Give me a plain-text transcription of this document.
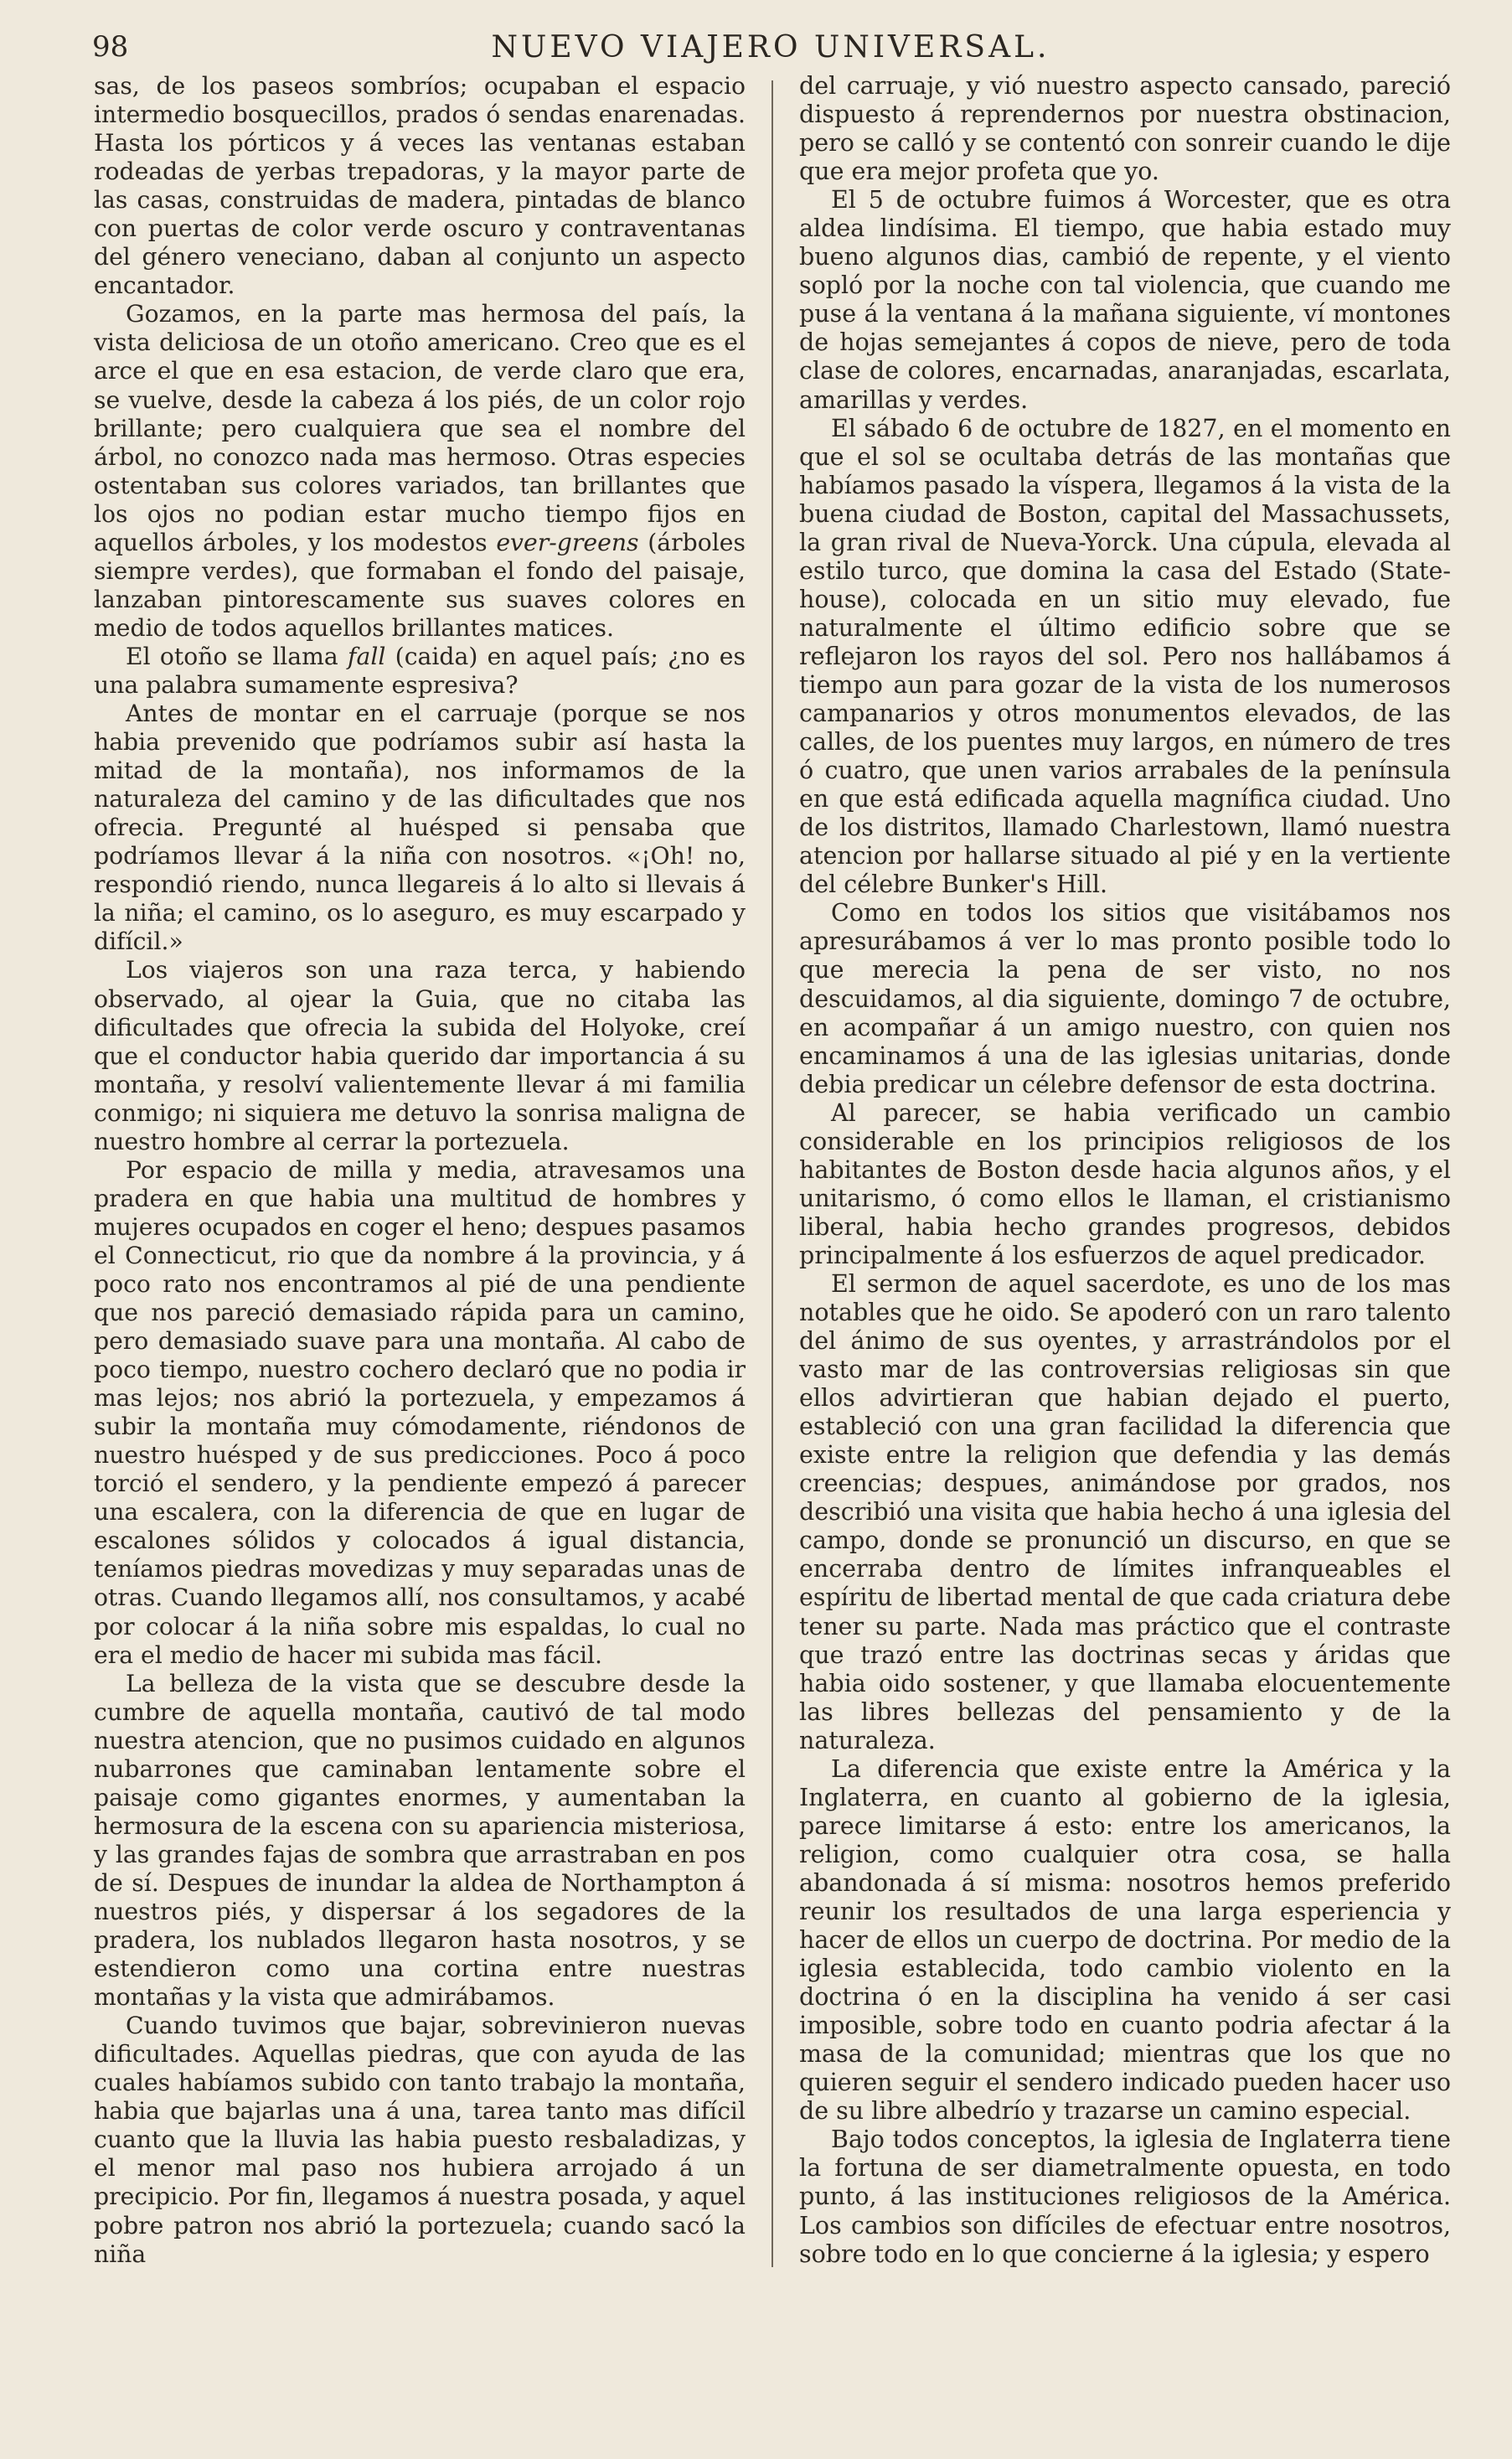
98	NUEVO VIAJERO UNIVERSAL.

sas, de los paseos sombríos; ocupaban el espacio intermedio bosquecillos, prados ó sendas enarenadas. Hasta los pórticos y á veces las ventanas estaban rodeadas de yerbas trepadoras, y la mayor parte de las casas, construidas de madera, pintadas de blanco con puertas de color verde oscuro y contraventanas del género veneciano, daban al conjunto un aspecto encantador.

Gozamos, en la parte mas hermosa del país, la vista deliciosa de un otoño americano. Creo que es el arce el que en esa estacion, de verde claro que era, se vuelve, desde la cabeza á los piés, de un color rojo brillante; pero cualquiera que sea el nombre del árbol, no conozco nada mas hermoso. Otras especies ostentaban sus colores variados, tan brillantes que los ojos no podian estar mucho tiempo fijos en aquellos árboles, y los modestos ever-greens (árboles siempre verdes), que formaban el fondo del paisaje, lanzaban pintorescamente sus suaves colores en medio de todos aquellos brillantes matices.

El otoño se llama fall (caida) en aquel país; ¿no es una palabra sumamente espresiva?

Antes de montar en el carruaje (porque se nos habia prevenido que podríamos subir así hasta la mitad de la montaña), nos informamos de la naturaleza del camino y de las dificultades que nos ofrecia. Pregunté al huésped si pensaba que podríamos llevar á la niña con nosotros. «¡Oh! no, respondió riendo, nunca llegareis á lo alto si llevais á la niña; el camino, os lo aseguro, es muy escarpado y difícil.»

Los viajeros son una raza terca, y habiendo observado, al ojear la Guia, que no citaba las dificultades que ofrecia la subida del Holyoke, creí que el conductor habia querido dar importancia á su montaña, y resolví valientemente llevar á mi familia conmigo; ni siquiera me detuvo la sonrisa maligna de nuestro hombre al cerrar la portezuela.

Por espacio de milla y media, atravesamos una pradera en que habia una multitud de hombres y mujeres ocupados en coger el heno; despues pasamos el Connecticut, rio que da nombre á la provincia, y á poco rato nos encontramos al pié de una pendiente que nos pareció demasiado rápida para un camino, pero demasiado suave para una montaña. Al cabo de poco tiempo, nuestro cochero declaró que no podia ir mas lejos; nos abrió la portezuela, y empezamos á subir la montaña muy cómodamente, riéndonos de nuestro huésped y de sus predicciones. Poco á poco torció el sendero, y la pendiente empezó á parecer una escalera, con la diferencia de que en lugar de escalones sólidos y colocados á igual distancia, teníamos piedras movedizas y muy separadas unas de otras. Cuando llegamos allí, nos consultamos, y acabé por colocar á la niña sobre mis espaldas, lo cual no era el medio de hacer mi subida mas fácil.

La belleza de la vista que se descubre desde la cumbre de aquella montaña, cautivó de tal modo nuestra atencion, que no pusimos cuidado en algunos nubarrones que caminaban lentamente sobre el paisaje como gigantes enormes, y aumentaban la hermosura de la escena con su apariencia misteriosa, y las grandes fajas de sombra que arrastraban en pos de sí. Despues de inundar la aldea de Northampton á nuestros piés, y dispersar á los segadores de la pradera, los nublados llegaron hasta nosotros, y se estendieron como una cortina entre nuestras montañas y la vista que admirábamos.

Cuando tuvimos que bajar, sobrevinieron nuevas dificultades. Aquellas piedras, que con ayuda de las cuales habíamos subido con tanto trabajo la montaña, habia que bajarlas una á una, tarea tanto mas difícil cuanto que la lluvia las habia puesto resbaladizas, y el menor mal paso nos hubiera arrojado á un precipicio. Por fin, llegamos á nuestra posada, y aquel pobre patron nos abrió la portezuela; cuando sacó la niña

del carruaje, y vió nuestro aspecto cansado, pareció dispuesto á reprendernos por nuestra obstinacion, pero se calló y se contentó con sonreir cuando le dije que era mejor profeta que yo.

El 5 de octubre fuimos á Worcester, que es otra aldea lindísima. El tiempo, que habia estado muy bueno algunos dias, cambió de repente, y el viento sopló por la noche con tal violencia, que cuando me puse á la ventana á la mañana siguiente, ví montones de hojas semejantes á copos de nieve, pero de toda clase de colores, encarnadas, anaranjadas, escarlata, amarillas y verdes.

El sábado 6 de octubre de 1827, en el momento en que el sol se ocultaba detrás de las montañas que habíamos pasado la víspera, llegamos á la vista de la buena ciudad de Boston, capital del Massachussets, la gran rival de Nueva-Yorck. Una cúpula, elevada al estilo turco, que domina la casa del Estado (State-house), colocada en un sitio muy elevado, fue naturalmente el último edificio sobre que se reflejaron los rayos del sol. Pero nos hallábamos á tiempo aun para gozar de la vista de los numerosos campanarios y otros monumentos elevados, de las calles, de los puentes muy largos, en número de tres ó cuatro, que unen varios arrabales de la península en que está edificada aquella magnífica ciudad. Uno de los distritos, llamado Charlestown, llamó nuestra atencion por hallarse situado al pié y en la vertiente del célebre Bunker's Hill.

Como en todos los sitios que visitábamos nos apresurábamos á ver lo mas pronto posible todo lo que merecia la pena de ser visto, no nos descuidamos, al dia siguiente, domingo 7 de octubre, en acompañar á un amigo nuestro, con quien nos encaminamos á una de las iglesias unitarias, donde debia predicar un célebre defensor de esta doctrina.

Al parecer, se habia verificado un cambio considerable en los principios religiosos de los habitantes de Boston desde hacia algunos años, y el unitarismo, ó como ellos le llaman, el cristianismo liberal, habia hecho grandes progresos, debidos principalmente á los esfuerzos de aquel predicador.

El sermon de aquel sacerdote, es uno de los mas notables que he oido. Se apoderó con un raro talento del ánimo de sus oyentes, y arrastrándolos por el vasto mar de las controversias religiosas sin que ellos advirtieran que habian dejado el puerto, estableció con una gran facilidad la diferencia que existe entre la religion que defendia y las demás creencias; despues, animándose por grados, nos describió una visita que habia hecho á una iglesia del campo, donde se pronunció un discurso, en que se encerraba dentro de límites infranqueables el espíritu de libertad mental de que cada criatura debe tener su parte. Nada mas práctico que el contraste que trazó entre las doctrinas secas y áridas que habia oido sostener, y que llamaba elocuentemente las libres bellezas del pensamiento y de la naturaleza.

La diferencia que existe entre la América y la Inglaterra, en cuanto al gobierno de la iglesia, parece limitarse á esto: entre los americanos, la religion, como cualquier otra cosa, se halla abandonada á sí misma: nosotros hemos preferido reunir los resultados de una larga esperiencia y hacer de ellos un cuerpo de doctrina. Por medio de la iglesia establecida, todo cambio violento en la doctrina ó en la disciplina ha venido á ser casi imposible, sobre todo en cuanto podria afectar á la masa de la comunidad; mientras que los que no quieren seguir el sendero indicado pueden hacer uso de su libre albedrío y trazarse un camino especial.

Bajo todos conceptos, la iglesia de Inglaterra tiene la fortuna de ser diametralmente opuesta, en todo punto, á las instituciones religiosos de la América. Los cambios son difíciles de efectuar entre nosotros, sobre todo en lo que concierne á la iglesia; y espero
